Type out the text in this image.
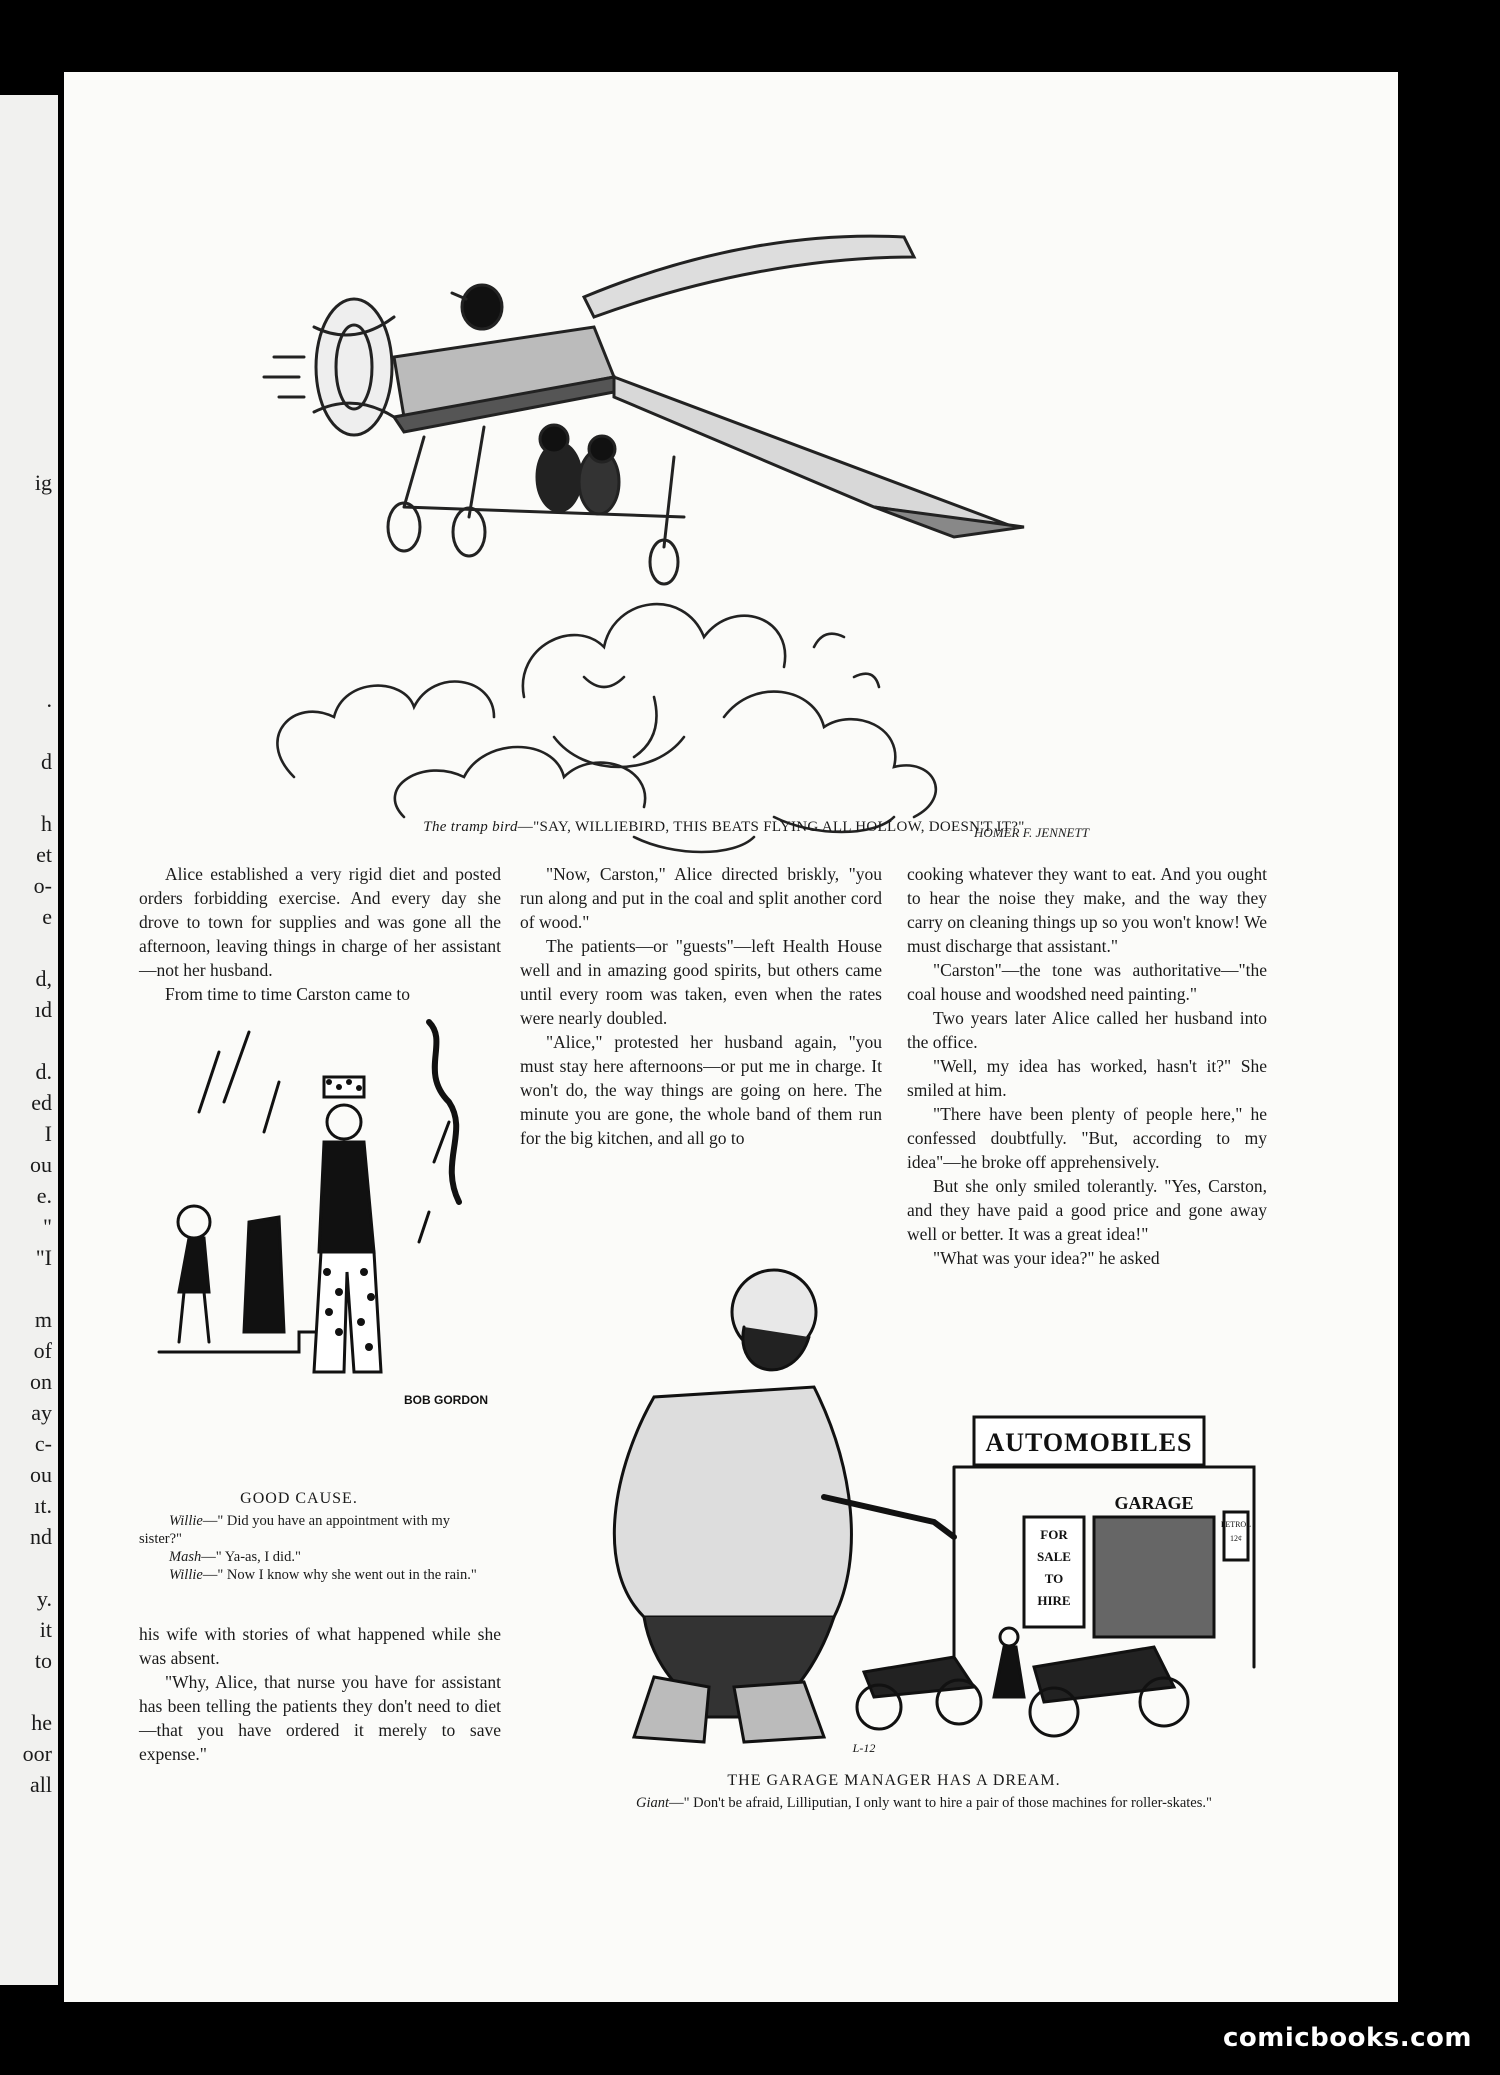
ig
.
d
h
et
o-
e
d,
ıd
d.
ed
I
ou
e.
"
"I
m
of
on
ay
c-
ou
ıt.
nd
y.
it
to
he
oor
all
HOMER F. JENNETT
The tramp bird—"SAY, WILLIEBIRD, THIS BEATS FLYING ALL HOLLOW, DOESN'T IT?"

Alice established a very rigid diet and posted orders forbidding exercise. And every day she drove to town for supplies and was gone all the afternoon, leaving things in charge of her assistant—not her husband.

From time to time Carston came to

BOB GORDON
GOOD CAUSE.
Willie—" Did you have an appointment with my sister?"
Mash—" Ya-as, I did."
Willie—" Now I know why she went out in the rain."

his wife with stories of what happened while she was absent.

"Why, Alice, that nurse you have for assistant has been telling the patients they don't need to diet—that you have ordered it merely to save expense."

"Now, Carston," Alice directed briskly, "you run along and put in the coal and split another cord of wood."

The patients—or "guests"—left Health House well and in amazing good spirits, but others came until every room was taken, even when the rates were nearly doubled.

"Alice," protested her husband again, "you must stay here afternoons—or put me in charge. It won't do, the way things are going on here. The minute you are gone, the whole band of them run for the big kitchen, and all go to

cooking whatever they want to eat. And you ought to hear the noise they make, and the way they carry on cleaning things up so you won't know! We must discharge that assistant."

"Carston"—the tone was authoritative—"the coal house and woodshed need painting."

Two years later Alice called her husband into the office.

"Well, my idea has worked, hasn't it?" She smiled at him.

"There have been plenty of people here," he confessed doubtfully. "But, according to my idea"—he broke off apprehensively.

But she only smiled tolerantly. "Yes, Carston, and they have paid a good price and gone away well or better. It was a great idea!"

"What was your idea?" he asked

AUTOMOBILES
GARAGE
FOR
SALE
TO
HIRE
PETROL
12¢
L-12
THE GARAGE MANAGER HAS A DREAM.
Giant—" Don't be afraid, Lilliputian, I only want to hire a pair of those machines for roller-skates."
comicbooks.com
